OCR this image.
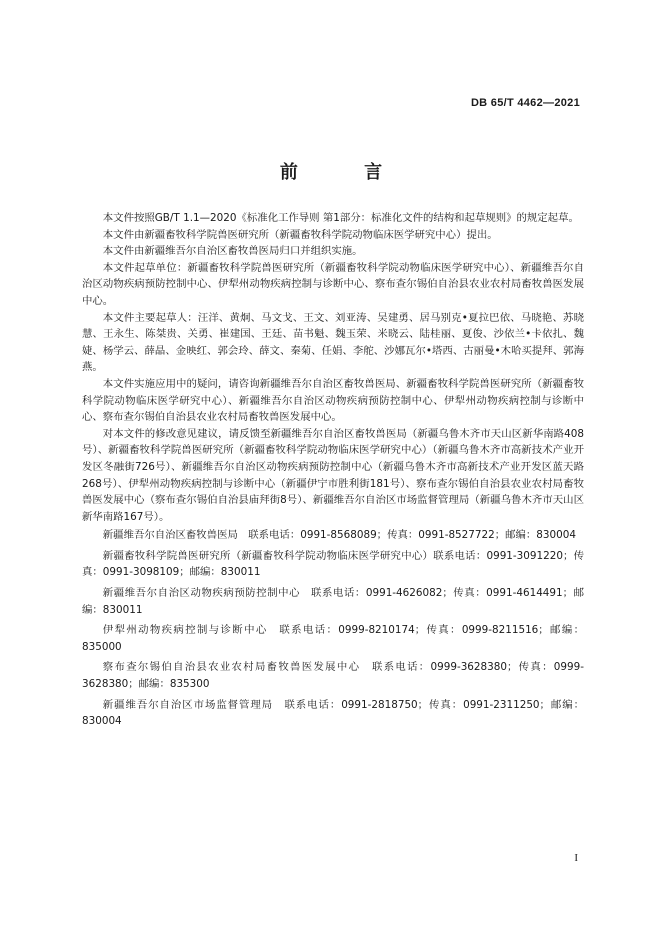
DB 65/T 4462—2021
前 言

本文件按照GB/T 1.1—2020《标准化工作导则 第1部分：标准化文件的结构和起草规则》的规定起草。

本文件由新疆畜牧科学院兽医研究所（新疆畜牧科学院动物临床医学研究中心）提出。

本文件由新疆维吾尔自治区畜牧兽医局归口并组织实施。

本文件起草单位：新疆畜牧科学院兽医研究所（新疆畜牧科学院动物临床医学研究中心）、新疆维吾尔自治区动物疾病预防控制中心、伊犁州动物疾病控制与诊断中心、察布查尔锡伯自治县农业农村局畜牧兽医发展中心。

本文件主要起草人：汪洋、黄炯、马文戈、王文、刘亚涛、吴建勇、居马别克•夏拉巴依、马晓艳、苏晓慧、王永生、陈桀贵、关勇、崔建国、王廷、苗书魁、魏玉荣、米晓云、陆桂丽、夏俊、沙依兰•卡依扎、魏婕、杨学云、薛晶、金映红、郭会玲、薛文、秦菊、任娟、李舵、沙娜瓦尔•塔西、古丽曼•木哈买提拜、郭海燕。

本文件实施应用中的疑问，请咨询新疆维吾尔自治区畜牧兽医局、新疆畜牧科学院兽医研究所（新疆畜牧科学院动物临床医学研究中心）、新疆维吾尔自治区动物疾病预防控制中心、伊犁州动物疾病控制与诊断中心、察布查尔锡伯自治县农业农村局畜牧兽医发展中心。

对本文件的修改意见建议，请反馈至新疆维吾尔自治区畜牧兽医局（新疆乌鲁木齐市天山区新华南路408号）、新疆畜牧科学院兽医研究所（新疆畜牧科学院动物临床医学研究中心）（新疆乌鲁木齐市高新技术产业开发区冬融街726号）、新疆维吾尔自治区动物疾病预防控制中心（新疆乌鲁木齐市高新技术产业开发区蓝天路268号）、伊犁州动物疾病控制与诊断中心（新疆伊宁市胜利街181号）、察布查尔锡伯自治县农业农村局畜牧兽医发展中心（察布查尔锡伯自治县庙拜街8号）、新疆维吾尔自治区市场监督管理局（新疆乌鲁木齐市天山区新华南路167号）。

新疆维吾尔自治区畜牧兽医局　联系电话：0991-8568089；传真：0991-8527722；邮编：830004

新疆畜牧科学院兽医研究所（新疆畜牧科学院动物临床医学研究中心）联系电话：0991-3091220；传真：0991-3098109；邮编：830011

新疆维吾尔自治区动物疾病预防控制中心　联系电话：0991-4626082；传真：0991-4614491；邮编：830011

伊犁州动物疾病控制与诊断中心　联系电话：0999-8210174；传真：0999-8211516；邮编：835000

察布查尔锡伯自治县农业农村局畜牧兽医发展中心　联系电话：0999-3628380；传真：0999-3628380；邮编：835300

新疆维吾尔自治区市场监督管理局　联系电话：0991-2818750；传真：0991-2311250；邮编：830004

I
